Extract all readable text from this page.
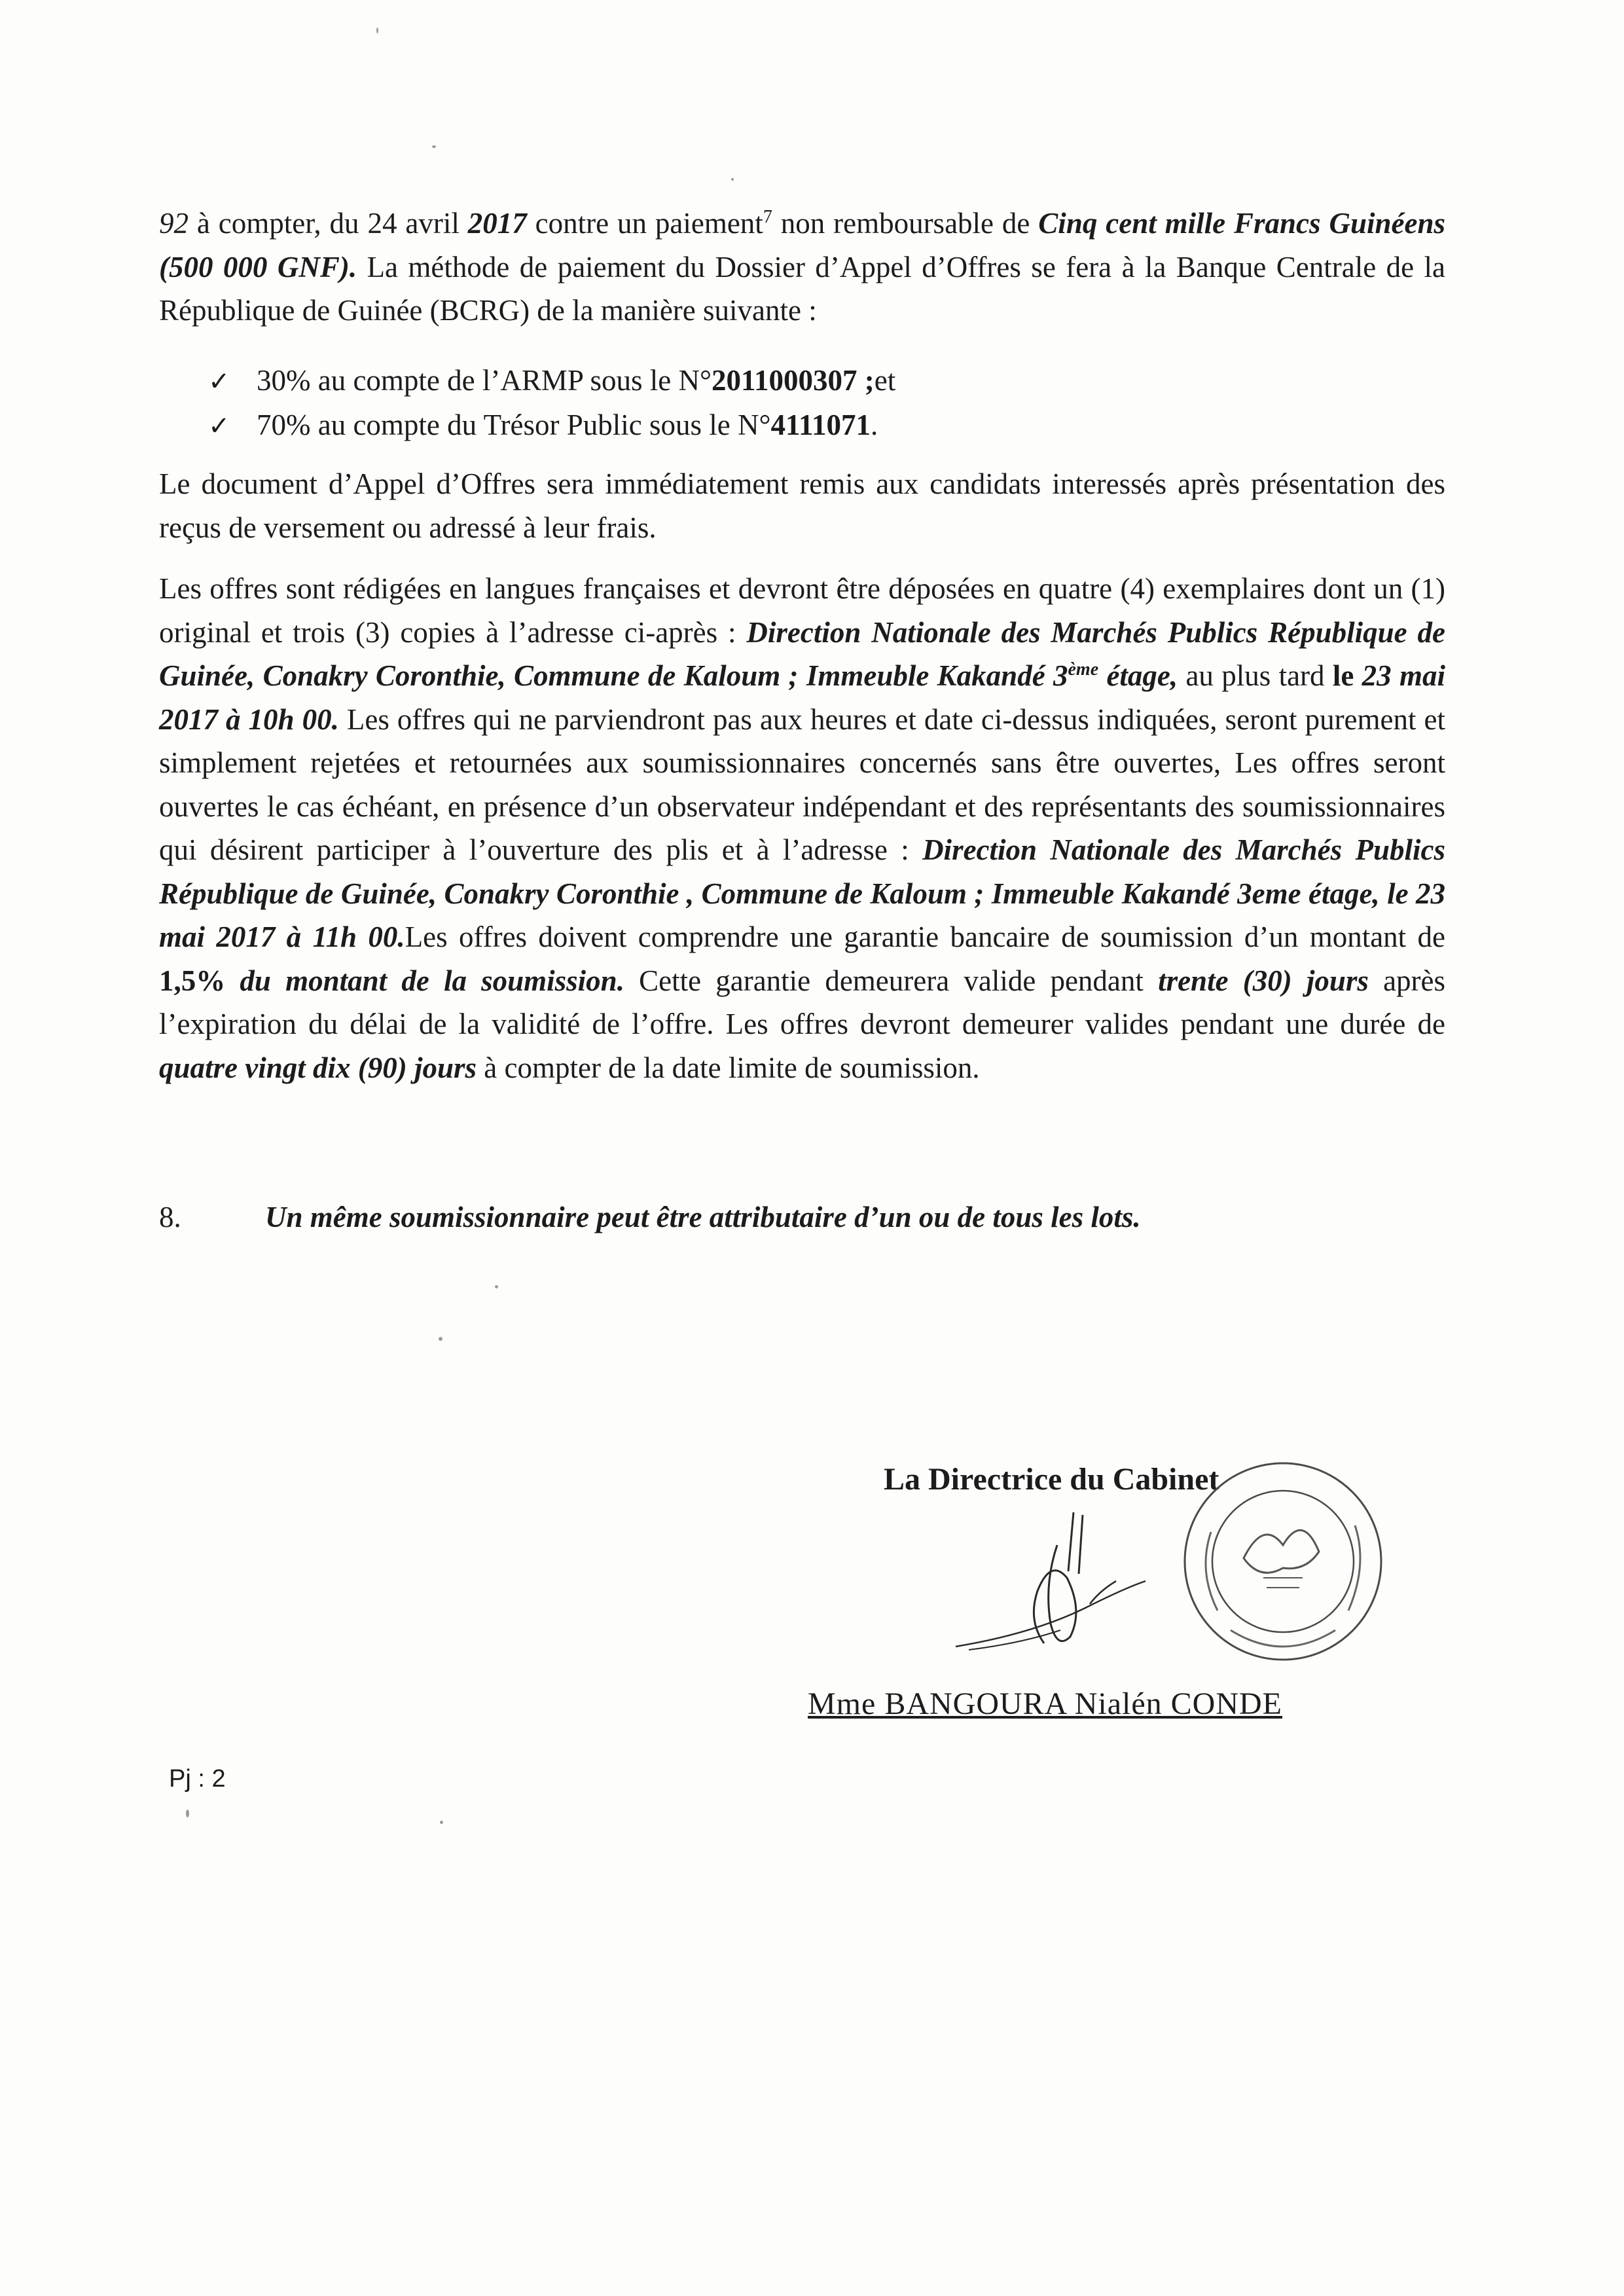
92 à compter, du 24 avril 2017 contre un paiement$^7$ non remboursable de Cinq cent mille Francs Guinéens (500 000 GNF). La méthode de paiement du Dossier d’Appel d’Offres se fera à la Banque Centrale de la République de Guinée (BCRG) de la manière suivante :
✓ 30% au compte de l’ARMP sous le N° 2011000307 ; et
✓ 70% au compte du Trésor Public sous le N° 4111071 .
Le document d’Appel d’Offres sera immédiatement remis aux candidats interessés après présentation des reçus de versement ou adressé à leur frais.
Les offres sont rédigées en langues françaises et devront être déposées en quatre (4) exemplaires dont un (1) original et trois (3) copies à l’adresse ci-après : Direction Nationale des Marchés Publics République de Guinée, Conakry Coronthie, Commune de Kaloum ; Immeuble Kakandé 3ème étage, au plus tard le 23 mai 2017 à 10h 00. Les offres qui ne parviendront pas aux heures et date ci-dessus indiquées, seront purement et simplement rejetées et retournées aux soumissionnaires concernés sans être ouvertes, Les offres seront ouvertes le cas échéant, en présence d’un observateur indépendant et des représentants des soumissionnaires qui désirent participer à l’ouverture des plis et à l’adresse : Direction Nationale des Marchés Publics République de Guinée, Conakry Coronthie , Commune de Kaloum ; Immeuble Kakandé 3eme étage, le 23 mai 2017 à 11h 00.Les offres doivent comprendre une garantie bancaire de soumission d’un montant de 1,5% du montant de la soumission. Cette garantie demeurera valide pendant trente (30) jours après l’expiration du délai de la validité de l’offre. Les offres devront demeurer valides pendant une durée de quatre vingt dix (90) jours à compter de la date limite de soumission.
8.	Un même soumissionnaire peut être attributaire d’un ou de tous les lots.
La Directrice du Cabinet
Mme BANGOURA Nialén CONDE
Pj : 2
